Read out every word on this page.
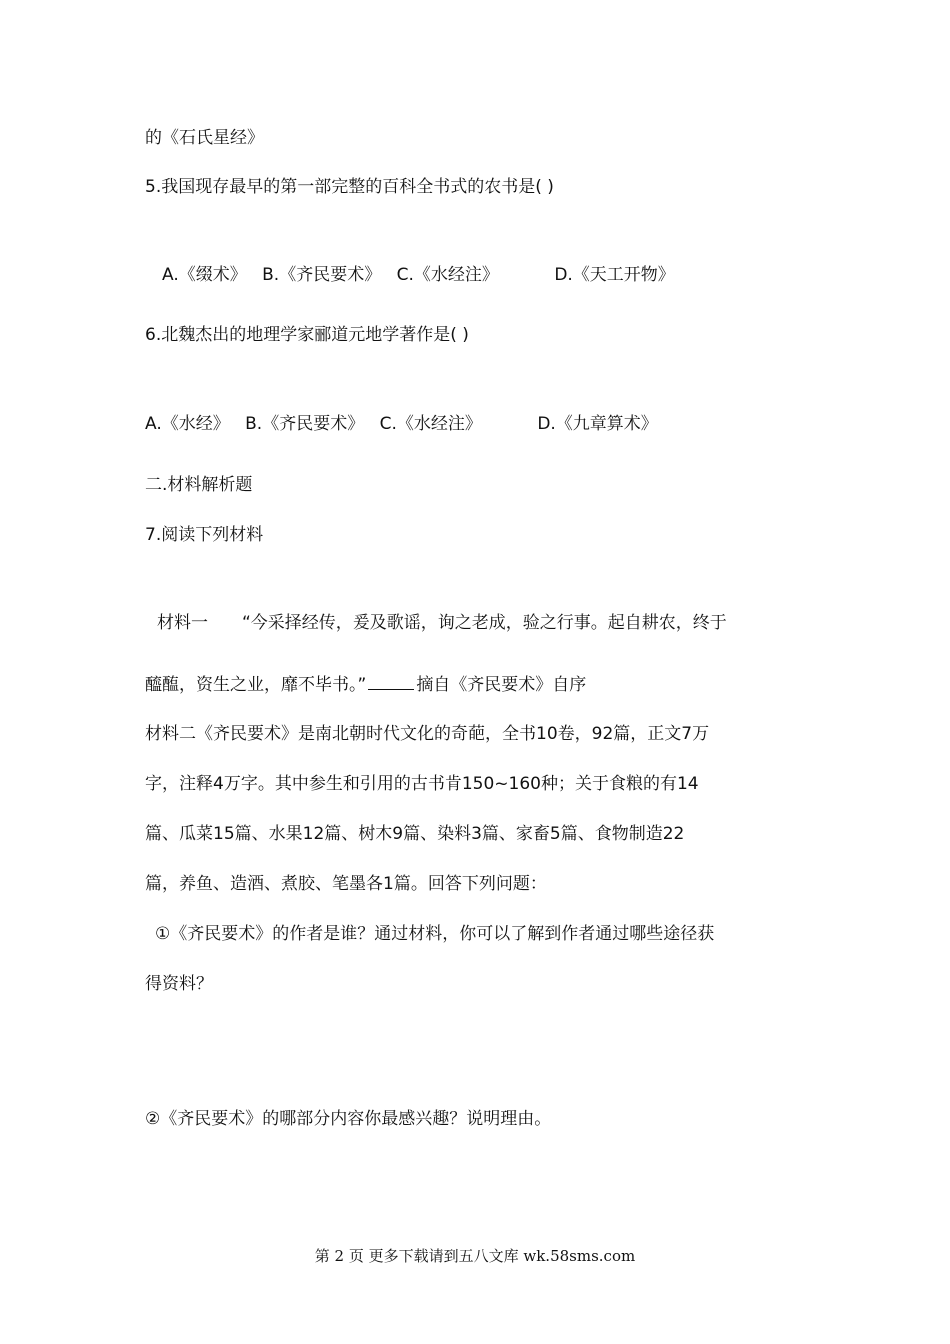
的《石氏星经》
5.我国现存最早的第一部完整的百科全书式的农书是( )
A.《缀术》 B.《齐民要术》 C.《水经注》	D.《天工开物》
6.北魏杰出的地理学家郦道元地学著作是( )
A.《水经》 B.《齐民要术》 C.《水经注》	D.《九章算术》
二.材料解析题
7.阅读下列材料
材料一　　“今采择经传，爰及歌谣，询之老成，验之行事。起自耕农，终于
醯醢，资生之业，靡不毕书。”	摘自《齐民要术》自序
材料二《齐民要术》是南北朝时代文化的奇葩，全书10卷，92篇，正文7万
字，注释4万字。其中参生和引用的古书肯150~160种；关于食粮的有14
篇、瓜菜15篇、水果12篇、树木9篇、染料3篇、家畜5篇、食物制造22
篇，养鱼、造酒、煮胶、笔墨各1篇。回答下列问题：
①《齐民要术》的作者是谁？通过材料，你可以了解到作者通过哪些途径获
得资料？
②《齐民要术》的哪部分内容你最感兴趣？说明理由。
第 2 页 更多下载请到五八文库 wk.58sms.com
